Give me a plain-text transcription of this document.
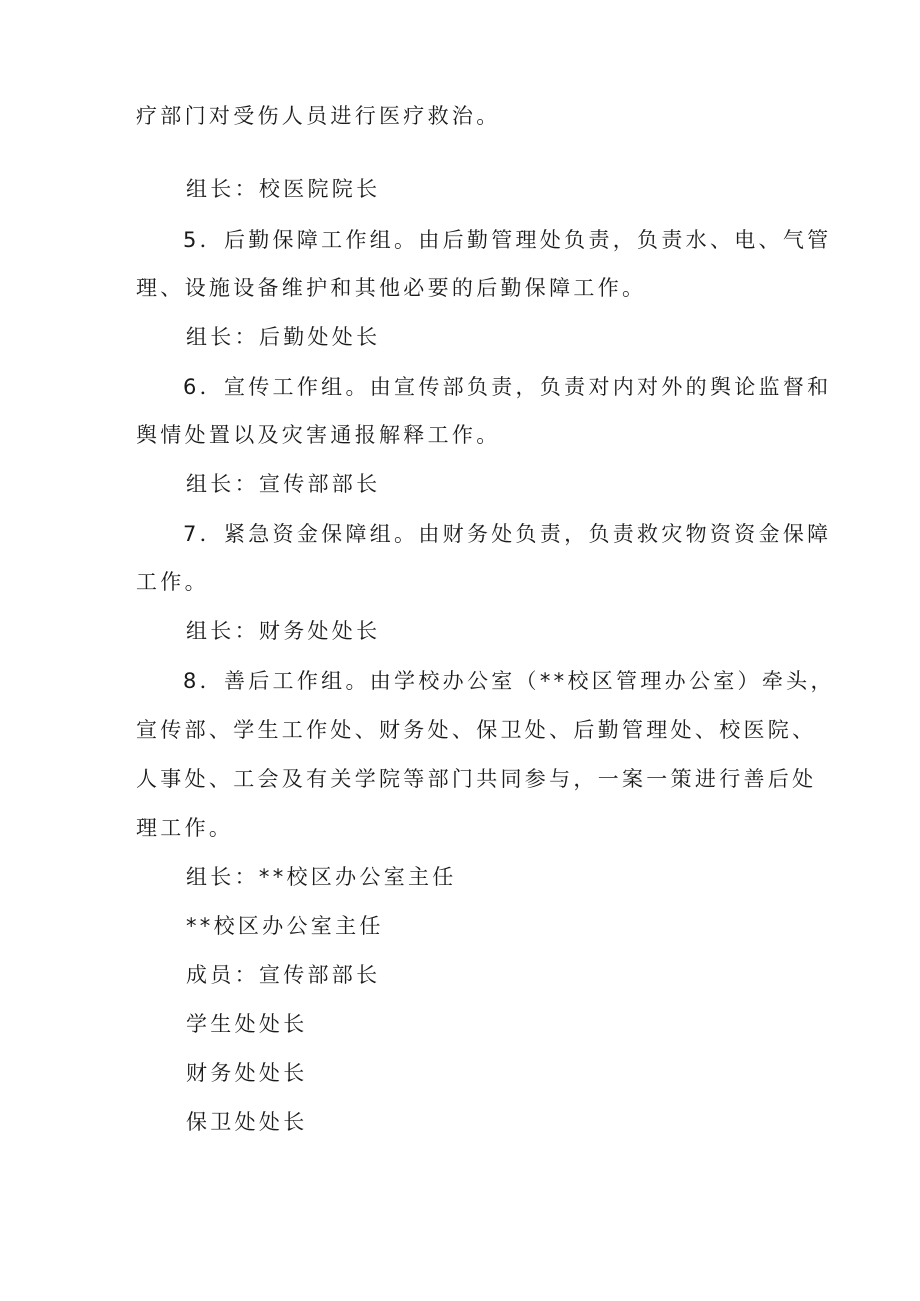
疗部门对受伤人员进行医疗救治。
组长：校医院院长
5．后勤保障工作组。由后勤管理处负责，负责水、电、气管
理、设施设备维护和其他必要的后勤保障工作。
组长：后勤处处长
6．宣传工作组。由宣传部负责，负责对内对外的舆论监督和
舆情处置以及灾害通报解释工作。
组长：宣传部部长
7．紧急资金保障组。由财务处负责，负责救灾物资资金保障
工作。
组长：财务处处长
8．善后工作组。由学校办公室（**校区管理办公室）牵头，
宣传部、学生工作处、财务处、保卫处、后勤管理处、校医院、
人事处、工会及有关学院等部门共同参与，一案一策进行善后处
理工作。
组长：**校区办公室主任
**校区办公室主任
成员：宣传部部长
学生处处长
财务处处长
保卫处处长
